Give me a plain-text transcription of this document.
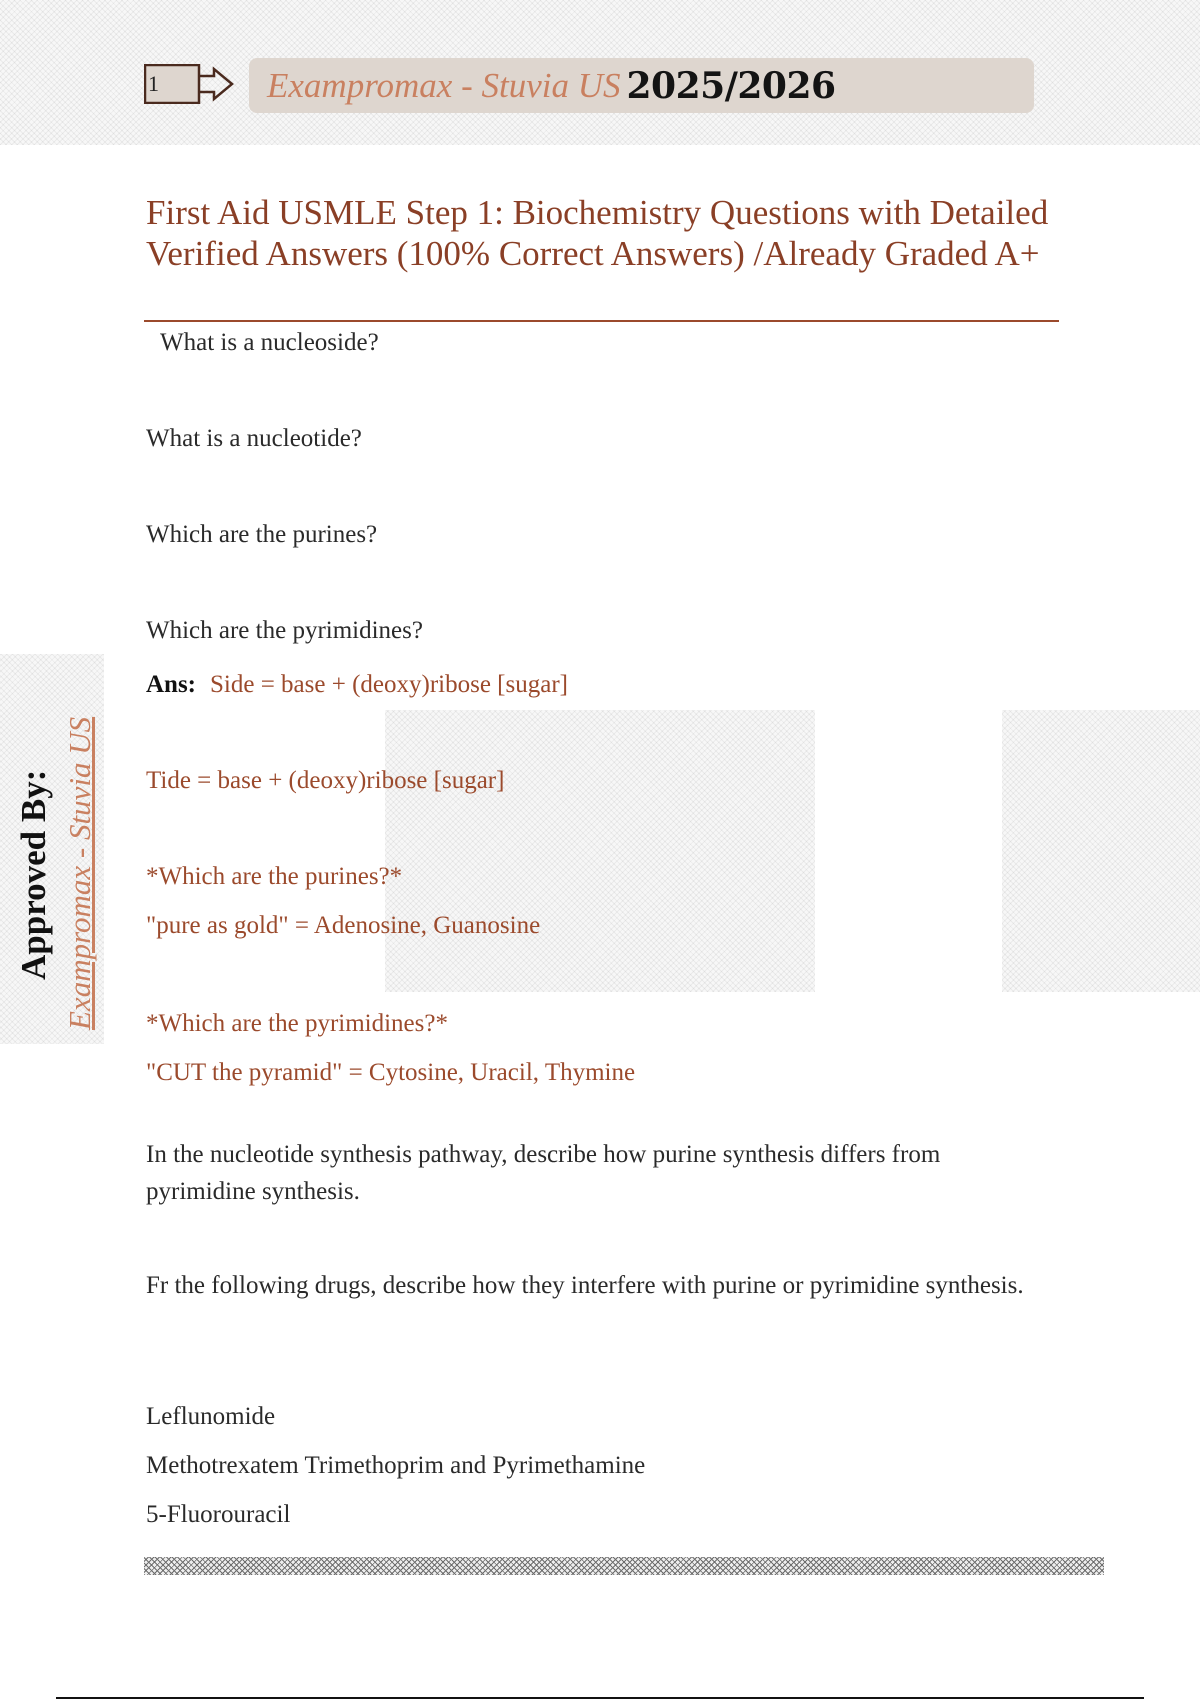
1	Exampromax - Stuvia US 2025/2026
First Aid USMLE Step 1: Biochemistry Questions with Detailed Verified Answers (100% Correct Answers) /Already Graded A+

What is a nucleoside?

What is a nucleotide?

Which are the purines?

Which are the pyrimidines?

Ans: Side = base + (deoxy)ribose [sugar]

Tide = base + (deoxy)ribose [sugar]

*Which are the purines?*

"pure as gold" = Adenosine, Guanosine

*Which are the pyrimidines?*

"CUT the pyramid" = Cytosine, Uracil, Thymine

In the nucleotide synthesis pathway, describe how purine synthesis differs from pyrimidine synthesis.

Fr the following drugs, describe how they interfere with purine or pyrimidine synthesis.

Leflunomide

Methotrexatem Trimethoprim and Pyrimethamine

5-Fluorouracil

Approved By: Exampromax - Stuvia US
